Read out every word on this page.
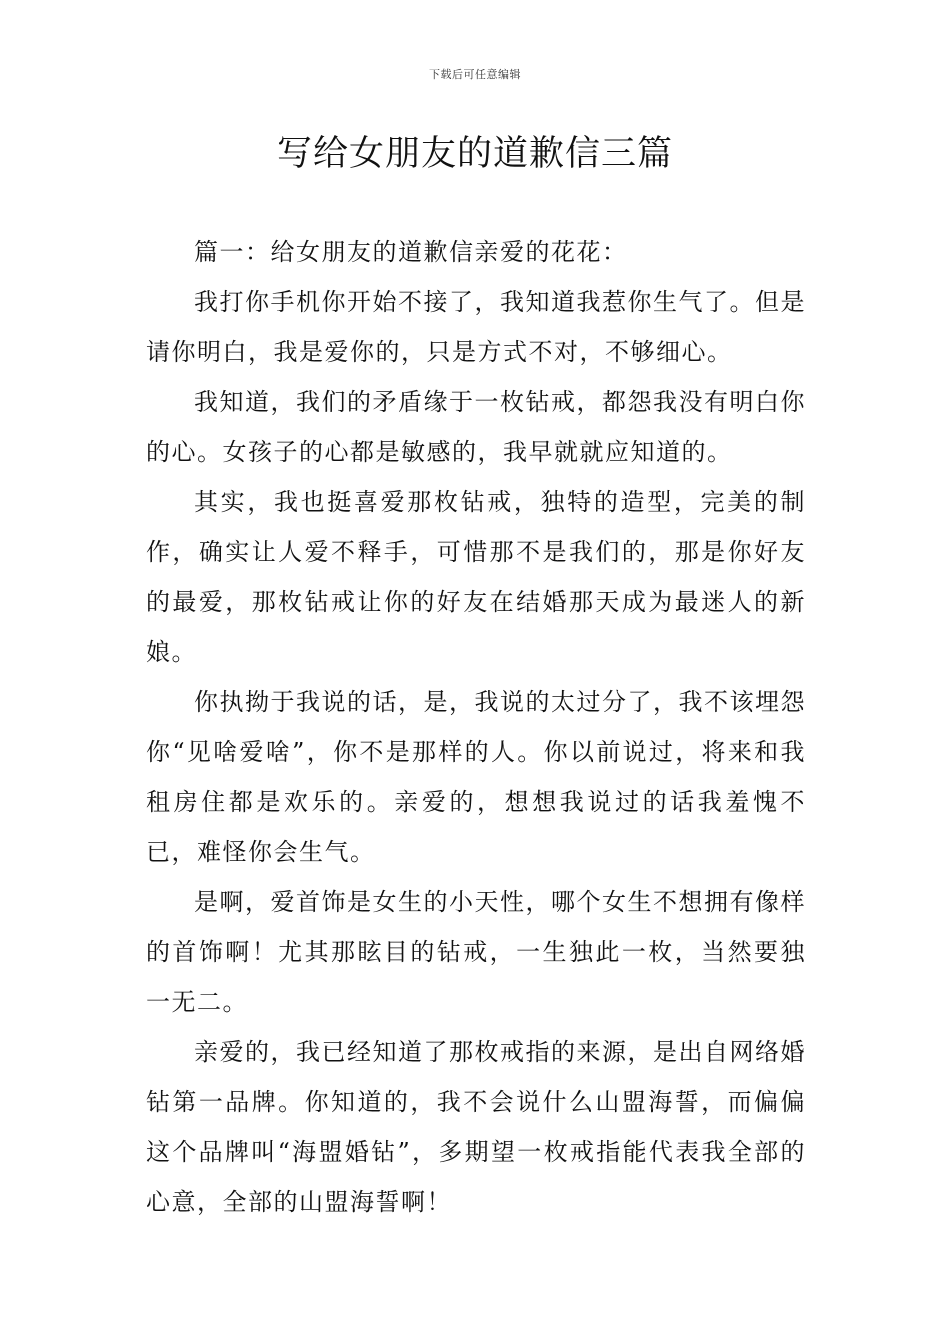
下载后可任意编辑
写给女朋友的道歉信三篇

篇一：给女朋友的道歉信亲爱的花花：

我打你手机你开始不接了，我知道我惹你生气了。但是请你明白，我是爱你的，只是方式不对，不够细心。

我知道，我们的矛盾缘于一枚钻戒，都怨我没有明白你的心。女孩子的心都是敏感的，我早就就应知道的。

其实，我也挺喜爱那枚钻戒，独特的造型，完美的制作，确实让人爱不释手，可惜那不是我们的，那是你好友的最爱，那枚钻戒让你的好友在结婚那天成为最迷人的新娘。

你执拗于我说的话，是，我说的太过分了，我不该埋怨你“见啥爱啥”，你不是那样的人。你以前说过，将来和我租房住都是欢乐的。亲爱的，想想我说过的话我羞愧不已，难怪你会生气。

是啊，爱首饰是女生的小天性，哪个女生不想拥有像样的首饰啊！尤其那眩目的钻戒，一生独此一枚，当然要独一无二。

亲爱的，我已经知道了那枚戒指的来源，是出自网络婚钻第一品牌。你知道的，我不会说什么山盟海誓，而偏偏这个品牌叫“海盟婚钻”，多期望一枚戒指能代表我全部的心意，全部的山盟海誓啊！
